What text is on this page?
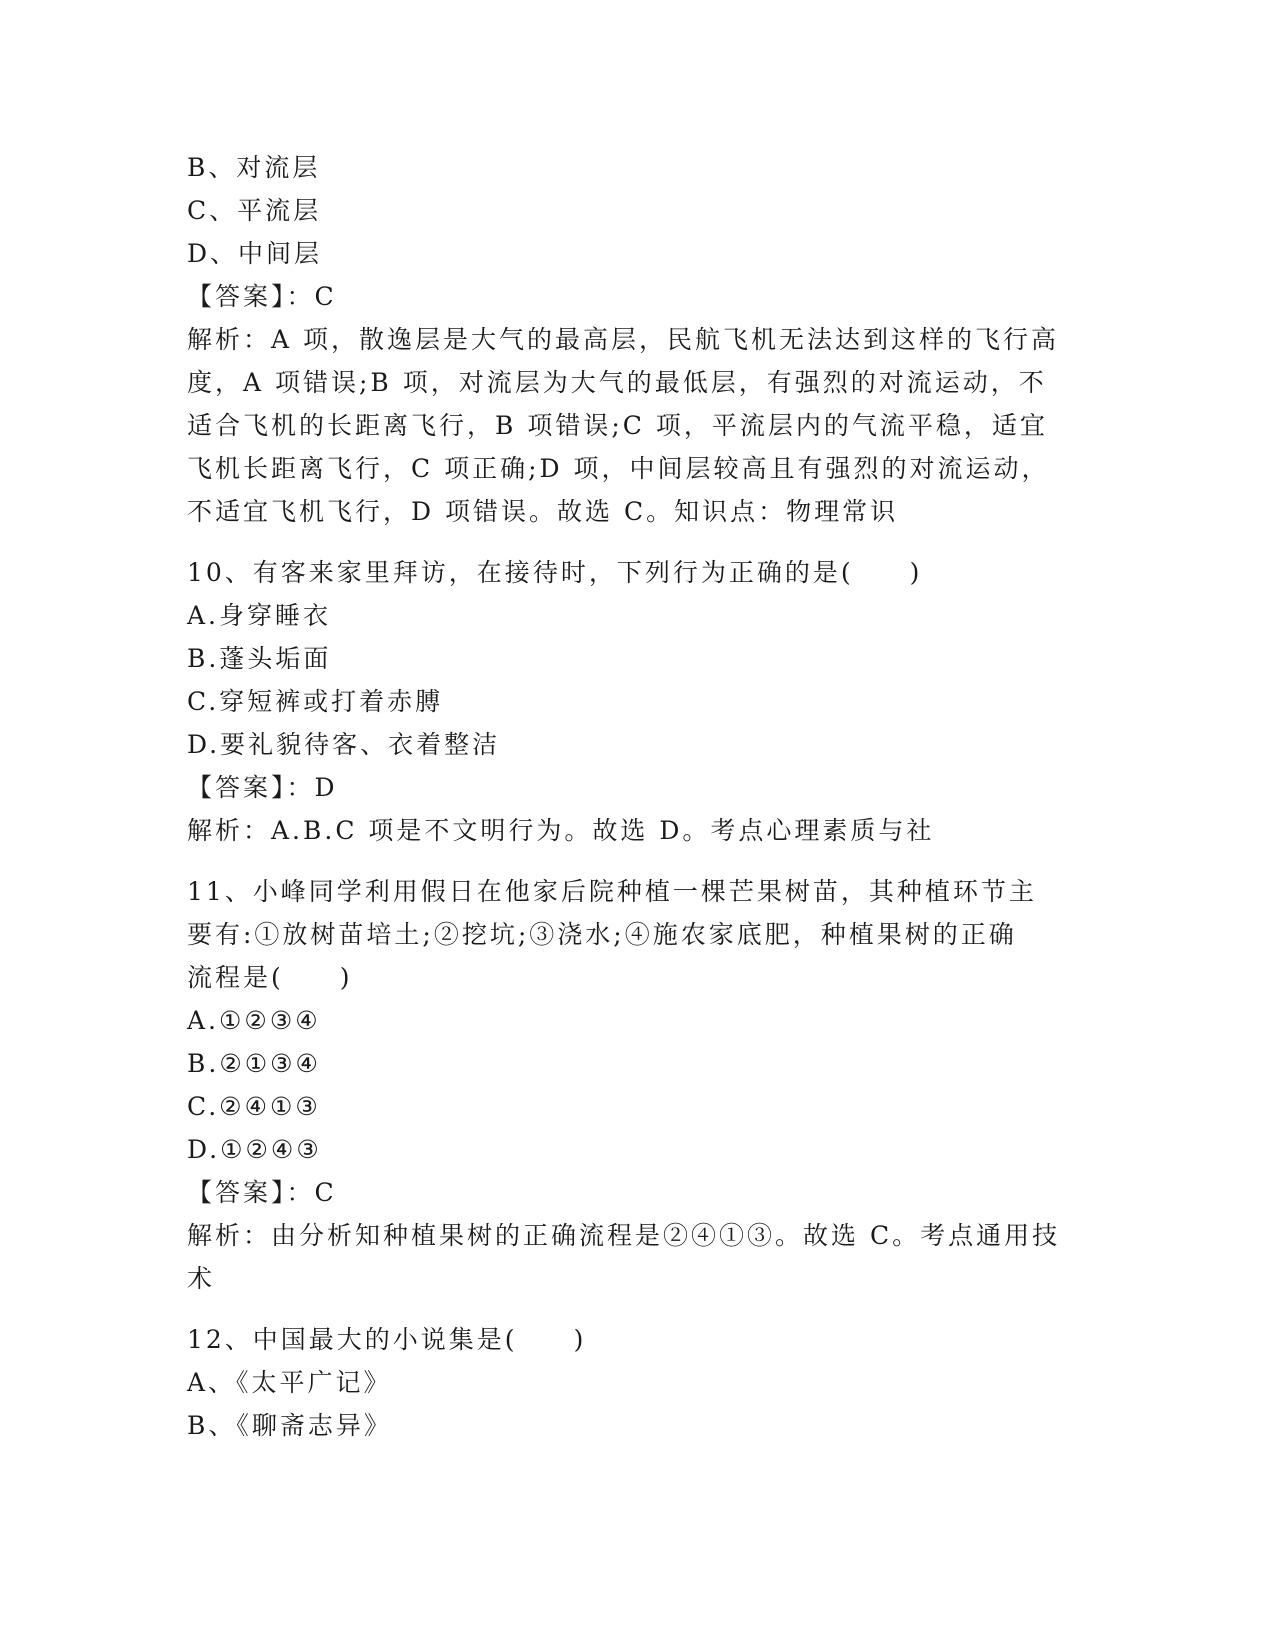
B、对流层
C、平流层
D、中间层
【答案】：C
解析：A 项，散逸层是大气的最高层，民航飞机无法达到这样的飞行高
度，A 项错误;B 项，对流层为大气的最低层，有强烈的对流运动，不
适合飞机的长距离飞行，B 项错误;C 项，平流层内的气流平稳，适宜
飞机长距离飞行，C 项正确;D 项，中间层较高且有强烈的对流运动，
不适宜飞机飞行，D 项错误。故选 C。知识点：物理常识
10、有客来家里拜访，在接待时，下列行为正确的是(　　)
A.身穿睡衣
B.蓬头垢面
C.穿短裤或打着赤膊
D.要礼貌待客、衣着整洁
【答案】：D
解析：A.B.C 项是不文明行为。故选 D。考点心理素质与社
11、小峰同学利用假日在他家后院种植一棵芒果树苗，其种植环节主
要有:①放树苗培土;②挖坑;③浇水;④施农家底肥，种植果树的正确
流程是(　　)
A.①②③④
B.②①③④
C.②④①③
D.①②④③
【答案】：C
解析：由分析知种植果树的正确流程是②④①③。故选 C。考点通用技
术
12、中国最大的小说集是(　　)
A、《太平广记》
B、《聊斋志异》
